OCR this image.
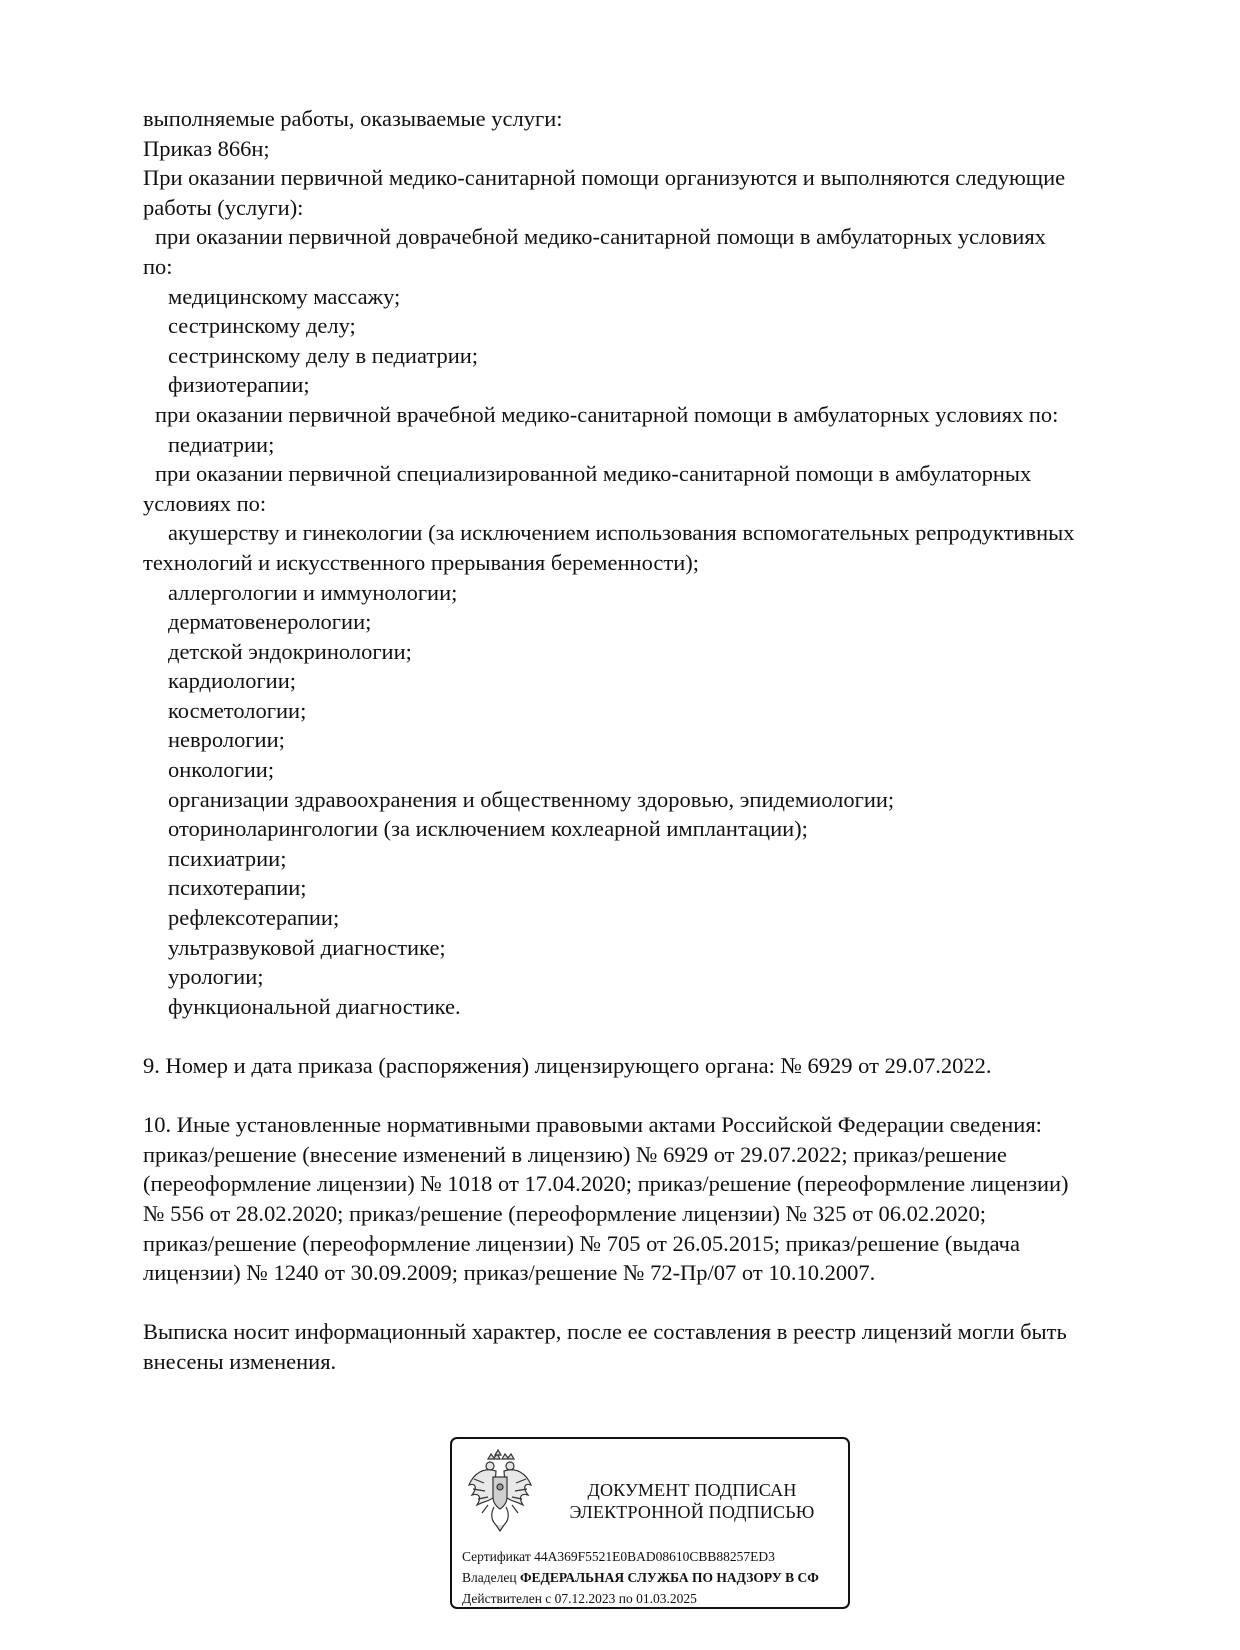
выполняемые работы, оказываемые услуги:
Приказ 866н;
При оказании первичной медико-санитарной помощи организуются и выполняются следующие
работы (услуги):
при оказании первичной доврачебной медико-санитарной помощи в амбулаторных условиях
по:
медицинскому массажу;
сестринскому делу;
сестринскому делу в педиатрии;
физиотерапии;
при оказании первичной врачебной медико-санитарной помощи в амбулаторных условиях по:
педиатрии;
при оказании первичной специализированной медико-санитарной помощи в амбулаторных
условиях по:
акушерству и гинекологии (за исключением использования вспомогательных репродуктивных
технологий и искусственного прерывания беременности);
аллергологии и иммунологии;
дерматовенерологии;
детской эндокринологии;
кардиологии;
косметологии;
неврологии;
онкологии;
организации здравоохранения и общественному здоровью, эпидемиологии;
оториноларингологии (за исключением кохлеарной имплантации);
психиатрии;
психотерапии;
рефлексотерапии;
ультразвуковой диагностике;
урологии;
функциональной диагностике.
9. Номер и дата приказа (распоряжения) лицензирующего органа: № 6929 от 29.07.2022.
10. Иные установленные нормативными правовыми актами Российской Федерации сведения:
приказ/решение (внесение изменений в лицензию) № 6929 от 29.07.2022; приказ/решение
(переоформление лицензии) № 1018 от 17.04.2020; приказ/решение (переоформление лицензии)
№ 556 от 28.02.2020; приказ/решение (переоформление лицензии) № 325 от 06.02.2020;
приказ/решение (переоформление лицензии) № 705 от 26.05.2015; приказ/решение (выдача
лицензии) № 1240 от 30.09.2009; приказ/решение № 72-Пр/07 от 10.10.2007.
Выписка носит информационный характер, после ее составления в реестр лицензий могли быть
внесены изменения.
ДОКУМЕНТ ПОДПИСАН
ЭЛЕКТРОННОЙ ПОДПИСЬЮ
Сертификат 44A369F5521E0BAD08610CBB88257ED3
Владелец ФЕДЕРАЛЬНАЯ СЛУЖБА ПО НАДЗОРУ В СФ
Действителен с 07.12.2023 по 01.03.2025
